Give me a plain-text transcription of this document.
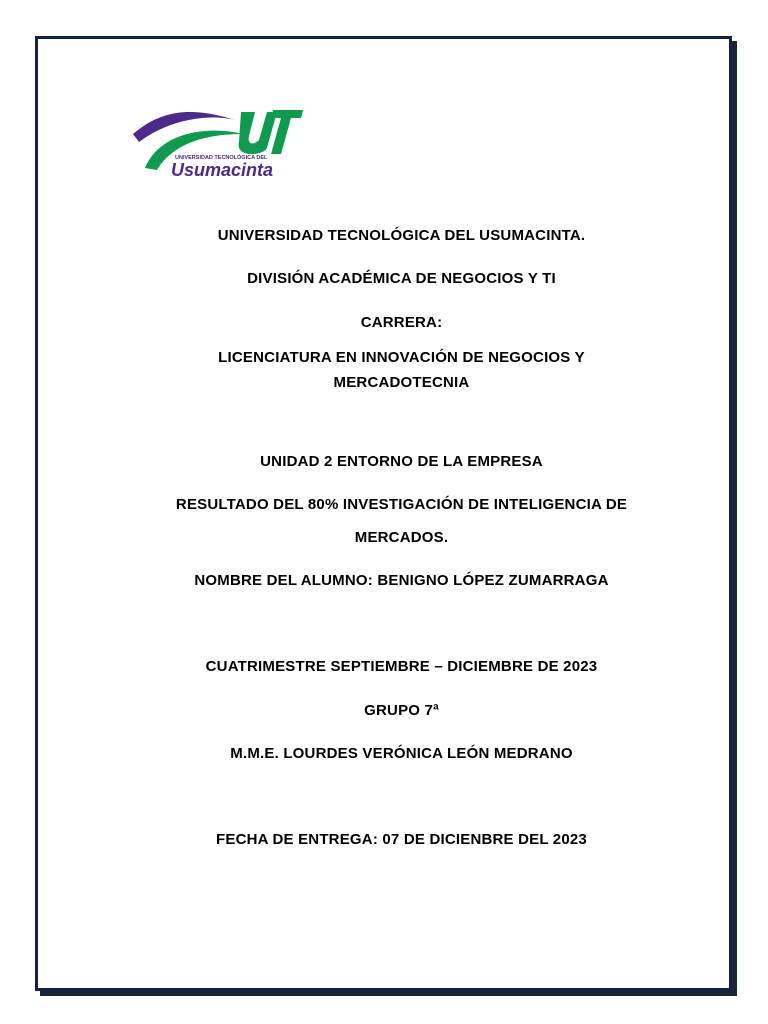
UNIVERSIDAD TECNOLÓGICA DEL
Usumacinta
UNIVERSIDAD TECNOLÓGICA DEL USUMACINTA.
DIVISIÓN ACADÉMICA DE NEGOCIOS Y TI
CARRERA:
LICENCIATURA EN INNOVACIÓN DE NEGOCIOS Y
MERCADOTECNIA
UNIDAD 2 ENTORNO DE LA EMPRESA
RESULTADO DEL 80% INVESTIGACIÓN DE INTELIGENCIA DE
MERCADOS.
NOMBRE DEL ALUMNO: BENIGNO LÓPEZ ZUMARRAGA
CUATRIMESTRE SEPTIEMBRE – DICIEMBRE DE 2023
GRUPO 7ª
M.M.E. LOURDES VERÓNICA LEÓN MEDRANO
FECHA DE ENTREGA: 07 DE DICIENBRE DEL 2023
